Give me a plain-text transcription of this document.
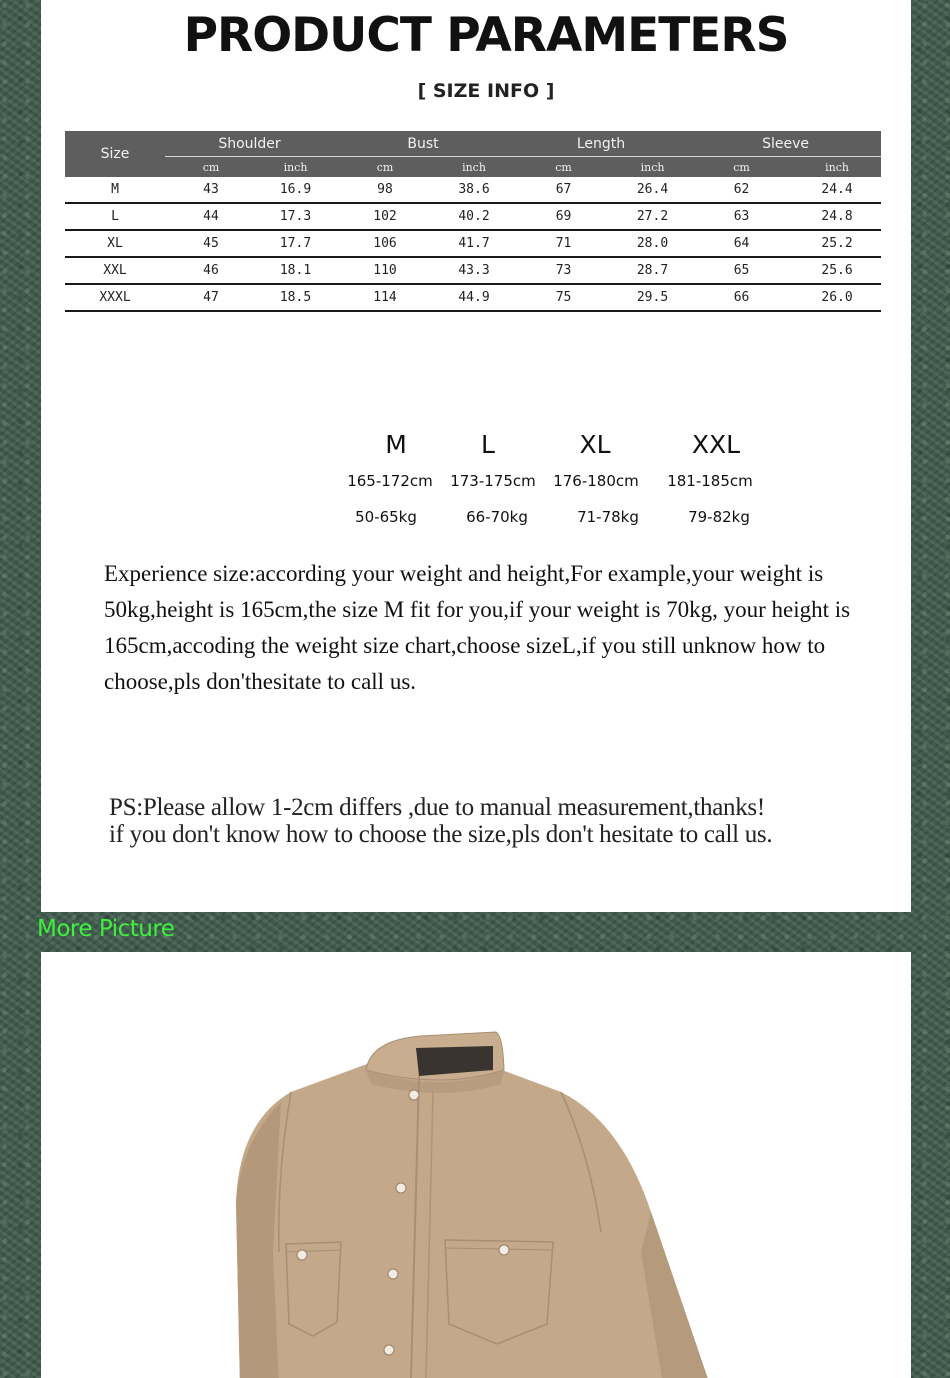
PRODUCT PARAMETERS
[ SIZE INFO ]
Size	Shoulder		Bust		Length		Sleeve	
	cm	inch	cm	inch	cm	inch	cm	inch
M	43	16.9	98	38.6	67	26.4	62	24.4
L	44	17.3	102	40.2	69	27.2	63	24.8
XL	45	17.7	106	41.7	71	28.0	64	25.2
XXL	46	18.1	110	43.3	73	28.7	65	25.6
XXXL	47	18.5	114	44.9	75	29.5	66	26.0
M	L	XL	XXL
165-172cm	173-175cm	176-180cm	181-185cm
50-65kg	66-70kg	71-78kg	79-82kg

Experience size:according your weight and height,For example,your weight is 50kg,height is 165cm,the size M fit for you,if your weight is 70kg, your height is 165cm,accoding the weight size chart,choose sizeL,if you still unknow how to choose,pls don'thesitate to call us.

PS:Please allow 1-2cm differs ,due to manual measurement,thanks!
if you don't know how to choose the size,pls don't hesitate to call us.
More Picture
